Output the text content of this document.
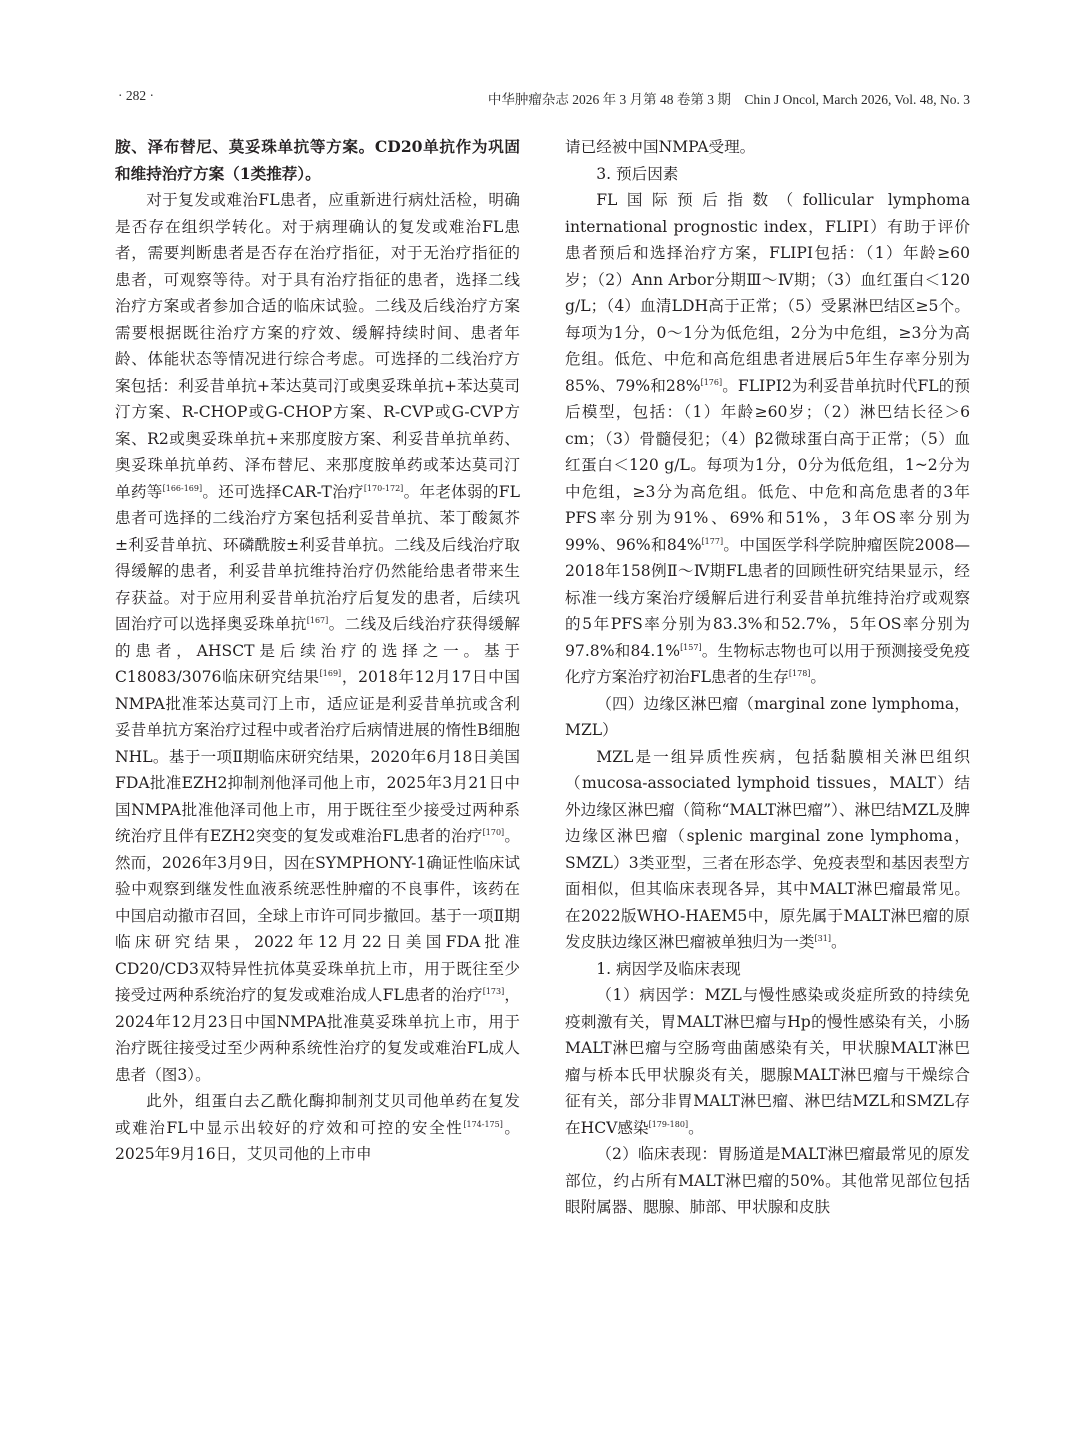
· 282 ·	中华肿瘤杂志 2026 年 3 月第 48 卷第 3 期　Chin J Oncol, March 2026, Vol. 48, No. 3

胺、泽布替尼、莫妥珠单抗等方案。CD20单抗作为巩固和维持治疗方案（1类推荐）。

对于复发或难治FL患者，应重新进行病灶活检，明确是否存在组织学转化。对于病理确认的复发或难治FL患者，需要判断患者是否存在治疗指征，对于无治疗指征的患者，可观察等待。对于具有治疗指征的患者，选择二线治疗方案或者参加合适的临床试验。二线及后线治疗方案需要根据既往治疗方案的疗效、缓解持续时间、患者年龄、体能状态等情况进行综合考虑。可选择的二线治疗方案包括：利妥昔单抗+苯达莫司汀或奥妥珠单抗+苯达莫司汀方案、R-CHOP或G-CHOP方案、R-CVP或G-CVP方案、R2或奥妥珠单抗+来那度胺方案、利妥昔单抗单药、奥妥珠单抗单药、泽布替尼、来那度胺单药或苯达莫司汀单药等[166-169]。还可选择CAR-T治疗[170-172]。年老体弱的FL患者可选择的二线治疗方案包括利妥昔单抗、苯丁酸氮芥±利妥昔单抗、环磷酰胺±利妥昔单抗。二线及后线治疗取得缓解的患者，利妥昔单抗维持治疗仍然能给患者带来生存获益。对于应用利妥昔单抗治疗后复发的患者，后续巩固治疗可以选择奥妥珠单抗[167]。二线及后线治疗获得缓解的患者，AHSCT是后续治疗的选择之一。基于C18083/3076临床研究结果[169]，2018年12月17日中国NMPA批准苯达莫司汀上市，适应证是利妥昔单抗或含利妥昔单抗方案治疗过程中或者治疗后病情进展的惰性B细胞NHL。基于一项Ⅱ期临床研究结果，2020年6月18日美国FDA批准EZH2抑制剂他泽司他上市，2025年3月21日中国NMPA批准他泽司他上市，用于既往至少接受过两种系统治疗且伴有EZH2突变的复发或难治FL患者的治疗[170]。然而，2026年3月9日，因在SYMPHONY-1确证性临床试验中观察到继发性血液系统恶性肿瘤的不良事件，该药在中国启动撤市召回，全球上市许可同步撤回。基于一项Ⅱ期临床研究结果，2022年12月22日美国FDA批准CD20/CD3双特异性抗体莫妥珠单抗上市，用于既往至少接受过两种系统治疗的复发或难治成人FL患者的治疗[173]，2024年12月23日中国NMPA批准莫妥珠单抗上市，用于治疗既往接受过至少两种系统性治疗的复发或难治FL成人患者（图3）。

此外，组蛋白去乙酰化酶抑制剂艾贝司他单药在复发或难治FL中显示出较好的疗效和可控的安全性[174-175]。2025年9月16日，艾贝司他的上市申

请已经被中国NMPA受理。

3. 预后因素

FL国际预后指数（follicular lymphoma international prognostic index，FLIPI）有助于评价患者预后和选择治疗方案，FLIPI包括：（1）年龄≥60岁；（2）Ann Arbor分期Ⅲ～Ⅳ期；（3）血红蛋白＜120 g/L；（4）血清LDH高于正常；（5）受累淋巴结区≥5个。每项为1分，0～1分为低危组，2分为中危组，≥3分为高危组。低危、中危和高危组患者进展后5年生存率分别为85%、79%和28%[176]。FLIPI2为利妥昔单抗时代FL的预后模型，包括：（1）年龄≥60岁；（2）淋巴结长径＞6 cm；（3）骨髓侵犯；（4）β2微球蛋白高于正常；（5）血红蛋白＜120 g/L。每项为1分，0分为低危组，1~2分为中危组，≥3分为高危组。低危、中危和高危患者的3年PFS率分别为91%、69%和51%，3年OS率分别为99%、96%和84%[177]。中国医学科学院肿瘤医院2008—2018年158例Ⅱ～Ⅳ期FL患者的回顾性研究结果显示，经标准一线方案治疗缓解后进行利妥昔单抗维持治疗或观察的5年PFS率分别为83.3%和52.7%，5年OS率分别为97.8%和84.1%[157]。生物标志物也可以用于预测接受免疫化疗方案治疗初治FL患者的生存[178]。

（四）边缘区淋巴瘤（marginal zone lymphoma，MZL）

MZL是一组异质性疾病，包括黏膜相关淋巴组织（mucosa-associated lymphoid tissues，MALT）结外边缘区淋巴瘤（简称“MALT淋巴瘤”）、淋巴结MZL及脾边缘区淋巴瘤（splenic marginal zone lymphoma，SMZL）3类亚型，三者在形态学、免疫表型和基因表型方面相似，但其临床表现各异，其中MALT淋巴瘤最常见。在2022版WHO-HAEM5中，原先属于MALT淋巴瘤的原发皮肤边缘区淋巴瘤被单独归为一类[31]。

1. 病因学及临床表现

（1）病因学：MZL与慢性感染或炎症所致的持续免疫刺激有关，胃MALT淋巴瘤与Hp的慢性感染有关，小肠MALT淋巴瘤与空肠弯曲菌感染有关，甲状腺MALT淋巴瘤与桥本氏甲状腺炎有关，腮腺MALT淋巴瘤与干燥综合征有关，部分非胃MALT淋巴瘤、淋巴结MZL和SMZL存在HCV感染[179-180]。

（2）临床表现：胃肠道是MALT淋巴瘤最常见的原发部位，约占所有MALT淋巴瘤的50%。其他常见部位包括眼附属器、腮腺、肺部、甲状腺和皮肤
